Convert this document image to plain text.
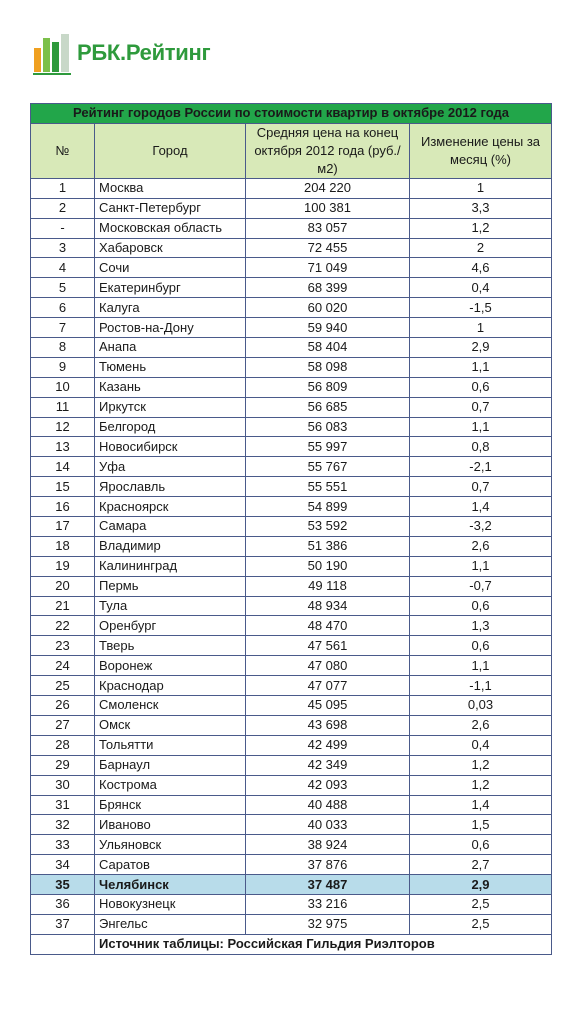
РБК.Рейтинг
Рейтинг городов России по стоимости квартир в октябре 2012 года			
№	Город	Средняя цена на конец октября 2012 года (руб./м2)	Изменение цены за месяц (%)
1	Москва	204 220	1
2	Санкт-Петербург	100 381	3,3
-	Московская область	83 057	1,2
3	Хабаровск	72 455	2
4	Сочи	71 049	4,6
5	Екатеринбург	68 399	0,4
6	Калуга	60 020	-1,5
7	Ростов-на-Дону	59 940	1
8	Анапа	58 404	2,9
9	Тюмень	58 098	1,1
10	Казань	56 809	0,6
11	Иркутск	56 685	0,7
12	Белгород	56 083	1,1
13	Новосибирск	55 997	0,8
14	Уфа	55 767	-2,1
15	Ярославль	55 551	0,7
16	Красноярск	54 899	1,4
17	Самара	53 592	-3,2
18	Владимир	51 386	2,6
19	Калининград	50 190	1,1
20	Пермь	49 118	-0,7
21	Тула	48 934	0,6
22	Оренбург	48 470	1,3
23	Тверь	47 561	0,6
24	Воронеж	47 080	1,1
25	Краснодар	47 077	-1,1
26	Смоленск	45 095	0,03
27	Омск	43 698	2,6
28	Тольятти	42 499	0,4
29	Барнаул	42 349	1,2
30	Кострома	42 093	1,2
31	Брянск	40 488	1,4
32	Иваново	40 033	1,5
33	Ульяновск	38 924	0,6
34	Саратов	37 876	2,7
35	Челябинск	37 487	2,9
36	Новокузнецк	33 216	2,5
37	Энгельс	32 975	2,5
	Источник таблицы: Российская Гильдия Риэлторов		
